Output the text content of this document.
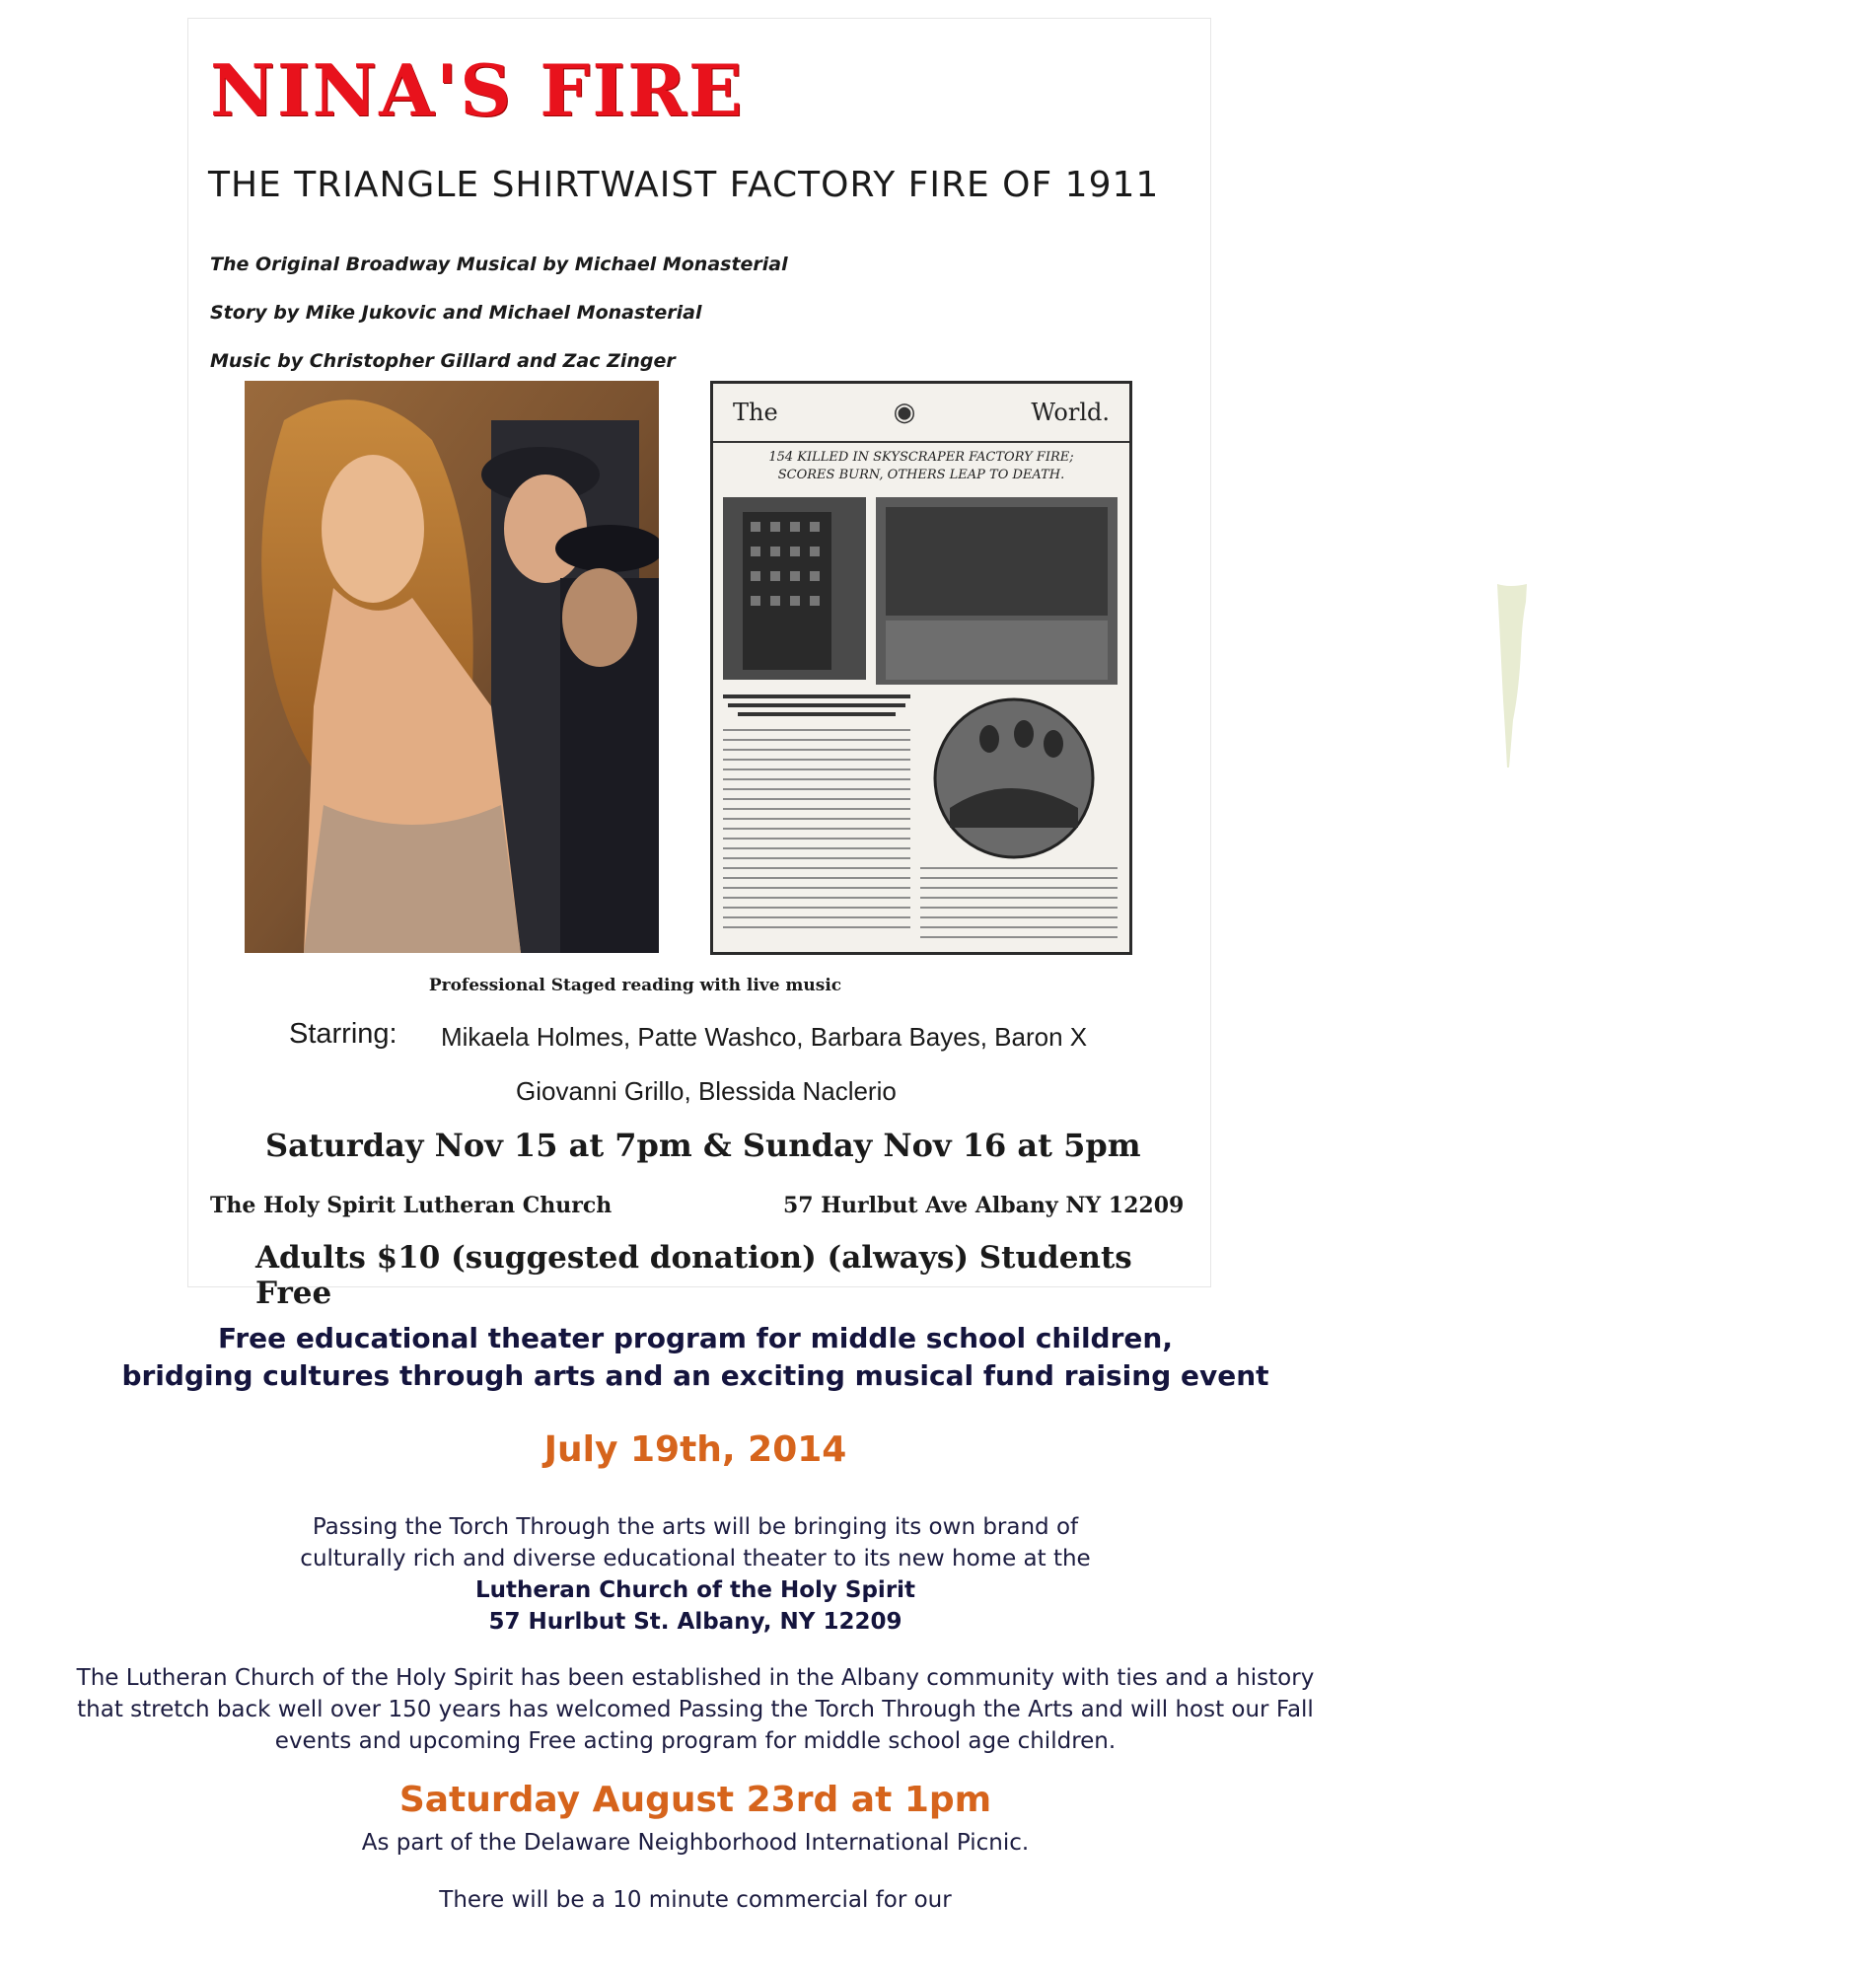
NINA'S FIRE
THE TRIANGLE SHIRTWAIST FACTORY FIRE OF 1911
The Original Broadway Musical by Michael Monasterial
Story by Mike Jukovic and Michael Monasterial
Music by Christopher Gillard and Zac Zinger
The	◉	World.
154 KILLED IN SKYSCRAPER FACTORY FIRE;
SCORES BURN, OTHERS LEAP TO DEATH.
Professional Staged reading with live music
Starring: Mikaela Holmes, Patte Washco, Barbara Bayes, Baron X
Giovanni Grillo, Blessida Naclerio
Saturday Nov 15 at 7pm & Sunday Nov 16 at 5pm
The Holy Spirit Lutheran Church	57 Hurlbut Ave Albany NY 12209
Adults $10 (suggested donation) (always) Students Free
Free educational theater program for middle school children,
bridging cultures through arts and an exciting musical fund raising event
July 19th, 2014
Passing the Torch Through the arts will be bringing its own brand of
culturally rich and diverse educational theater to its new home at the
Lutheran Church of the Holy Spirit
57 Hurlbut St. Albany, NY 12209
The Lutheran Church of the Holy Spirit has been established in the Albany community with ties and a history
that stretch back well over 150 years has welcomed Passing the Torch Through the Arts and will host our Fall
events and upcoming Free acting program for middle school age children.
Saturday August 23rd at 1pm
As part of the Delaware Neighborhood International Picnic.
There will be a 10 minute commercial for our
